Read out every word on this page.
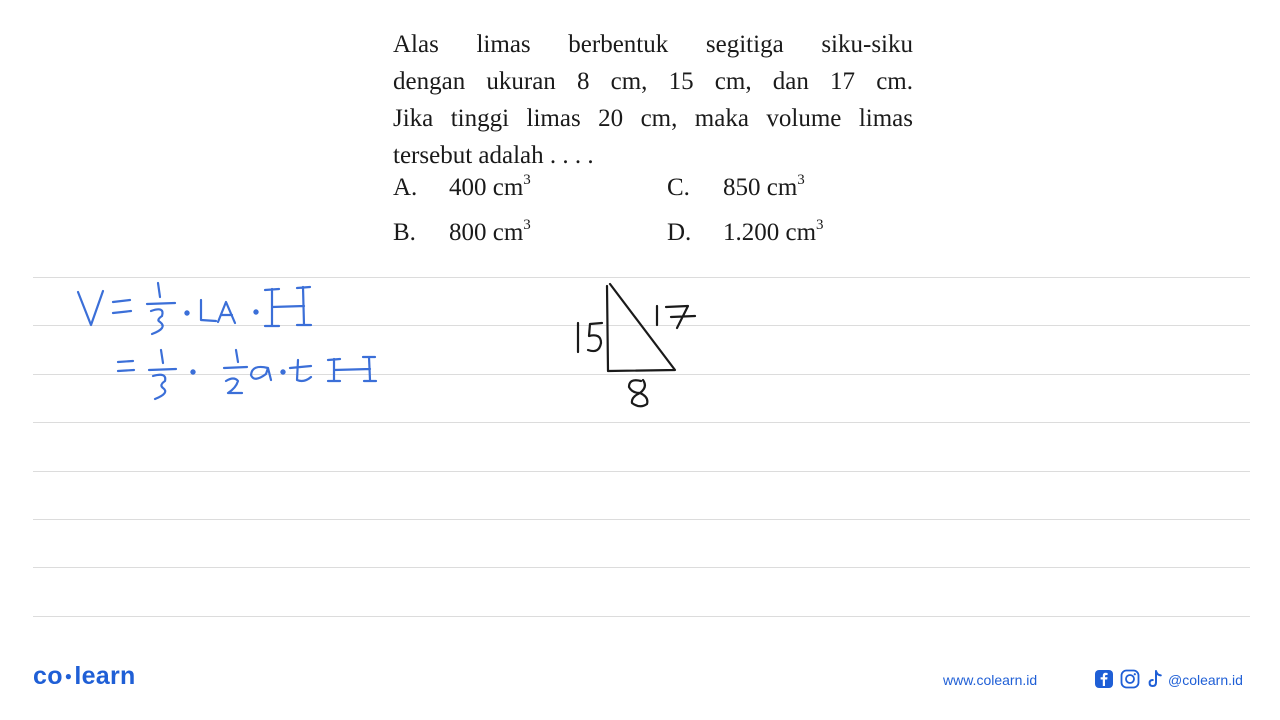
Alas limas berbentuk segitiga siku-siku
dengan ukuran 8 cm, 15 cm, dan 17 cm.
Jika tinggi limas 20 cm, maka volume limas
tersebut adalah . . . .
A. 400 $cm^3$
B. 800 $cm^3$
C. 850 $cm^3$
D. 1.200 $cm^3$
co ●learn	www.colearn.id	@colearn.id
